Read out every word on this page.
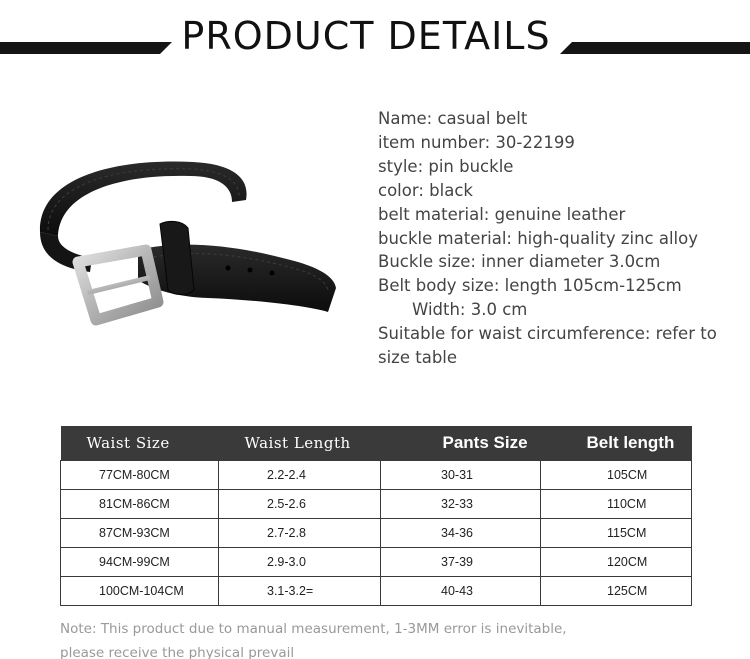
PRODUCT DETAILS
Name: casual belt
item number: 30-22199
style: pin buckle
color: black
belt material: genuine leather
buckle material: high-quality zinc alloy
Buckle size: inner diameter 3.0cm
Belt body size: length 105cm-125cm
Width: 3.0 cm
Suitable for waist circumference: refer to
size table
Waist Size	Waist Length	Pants Size	Belt length
77CM-80CM	2.2-2.4	30-31	105CM
81CM-86CM	2.5-2.6	32-33	110CM
87CM-93CM	2.7-2.8	34-36	115CM
94CM-99CM	2.9-3.0	37-39	120CM
100CM-104CM	3.1-3.2=	40-43	125CM
Note: This product due to manual measurement, 1-3MM error is inevitable,
please receive the physical prevail
